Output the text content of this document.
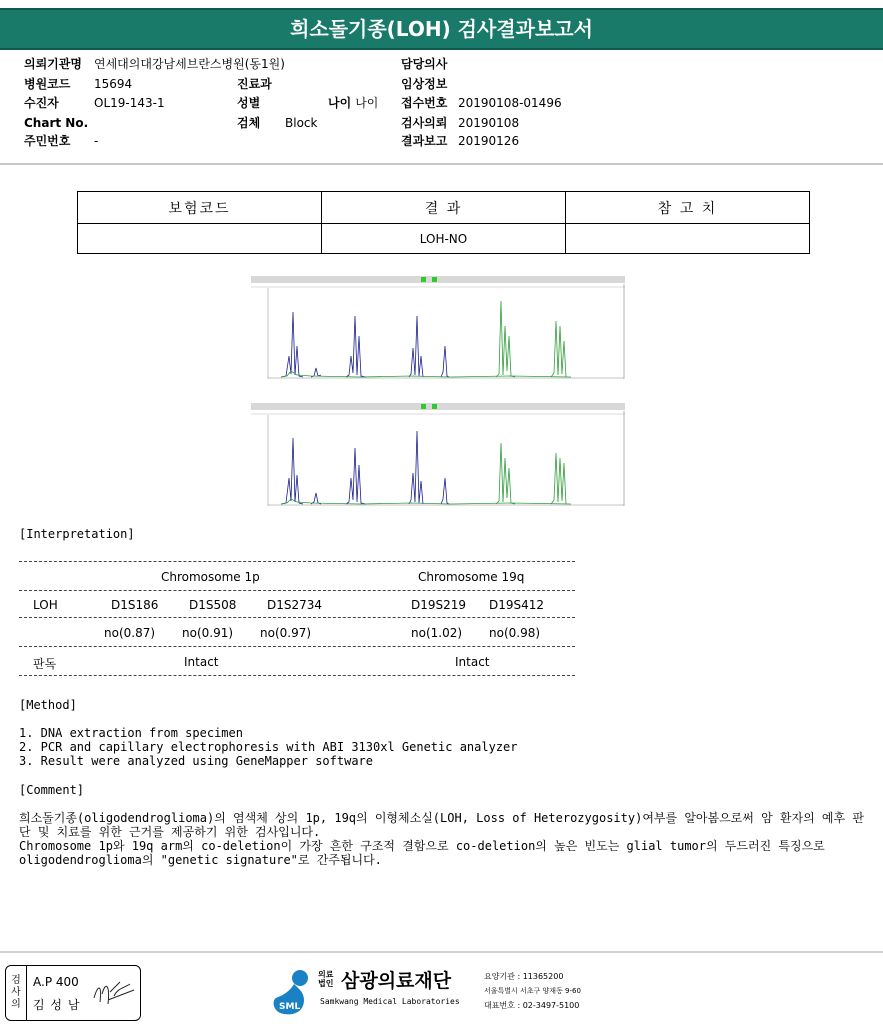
희소돌기종(LOH) 검사결과보고서
의뢰기관명 연세대의대강남세브란스병원(동1원)
병원코드 15694
수진자	OL19-143-1
Chart No.
주민번호 -
진료과
성별	나이 나이
검체 Block
담당의사
임상정보
접수번호 20190108-01496
검사의뢰 20190108
결과보고 20190126
보험코드	결 과	참 고 치
	LOH-NO	
[Interpretation]
Chromosome 1p	Chromosome 19q
LOH	D1S186	D1S508	D1S2734	D19S219 D19S412
no(0.87) no(0.91) no(0.97)	no(1.02) no(0.98)
판독	Intact	Intact
[Method]
1. DNA extraction from specimen
2. PCR and capillary electrophoresis with ABI 3130xl Genetic analyzer
3. Result were analyzed using GeneMapper software
[Comment]
희소돌기종(oligodendroglioma)의 염색체 상의 1p, 19q의 이형체소실(LOH, Loss of Heterozygosity)여부를 알아봄으로써 암 환자의 예후 판단 및 치료를 위한 근거를 제공하기 위한 검사입니다.
Chromosome 1p와 19q arm의 co-deletion이 가장 흔한 구조적 결함으로 co-deletion의 높은 빈도는 glial tumor의 두드러진 특징으로 oligodendroglioma의 "genetic signature"로 간주됩니다.
검
사
의
A.P 400
김 성 남	SML
의료
법인 삼광의료재단
Samkwang Medical Laboratories
요양기관 : 11365200
서울특별시 서초구 양재동 9-60
대표번호 : 02-3497-5100
